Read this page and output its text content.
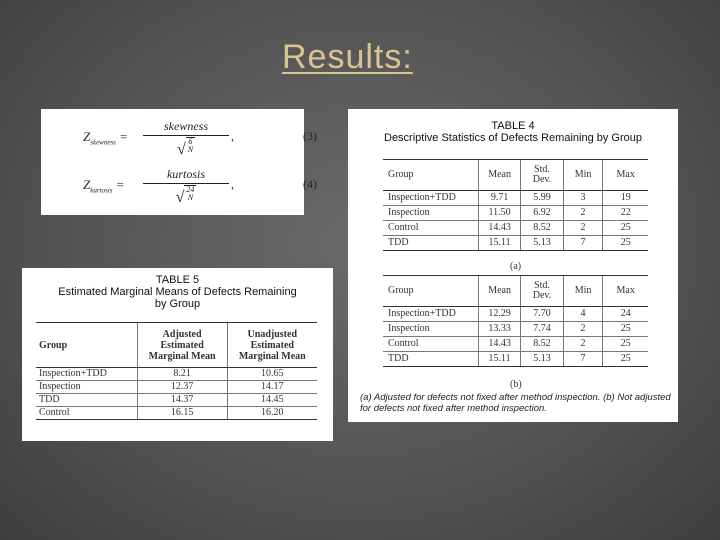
Results:
$Z_{skewness}$ =
skewness
√ 6
N
,	(3)
$Z_{kurtosis}$ =
kurtosis
√ 24
N
,	(4)
TABLE 5
Estimated Marginal Means of Defects Remaining
by Group
Group	Adjusted Estimated Marginal Mean	Unadjusted Estimated Marginal Mean
Inspection+TDD	8.21	10.65
Inspection	12.37	14.17
TDD	14.37	14.45
Control	16.15	16.20
TABLE 4
Descriptive Statistics of Defects Remaining by Group
Group	Mean	Std. Dev.	Min	Max
Inspection+TDD	9.71	5.99	3	19
Inspection	11.50	6.92	2	22
Control	14.43	8.52	2	25
TDD	15.11	5.13	7	25
(a)
Group	Mean	Std. Dev.	Min	Max
Inspection+TDD	12.29	7.70	4	24
Inspection	13.33	7.74	2	25
Control	14.43	8.52	2	25
TDD	15.11	5.13	7	25
(b)
(a) Adjusted for defects not fixed after method inspection. (b) Not adjusted for defects not fixed after method inspection.
